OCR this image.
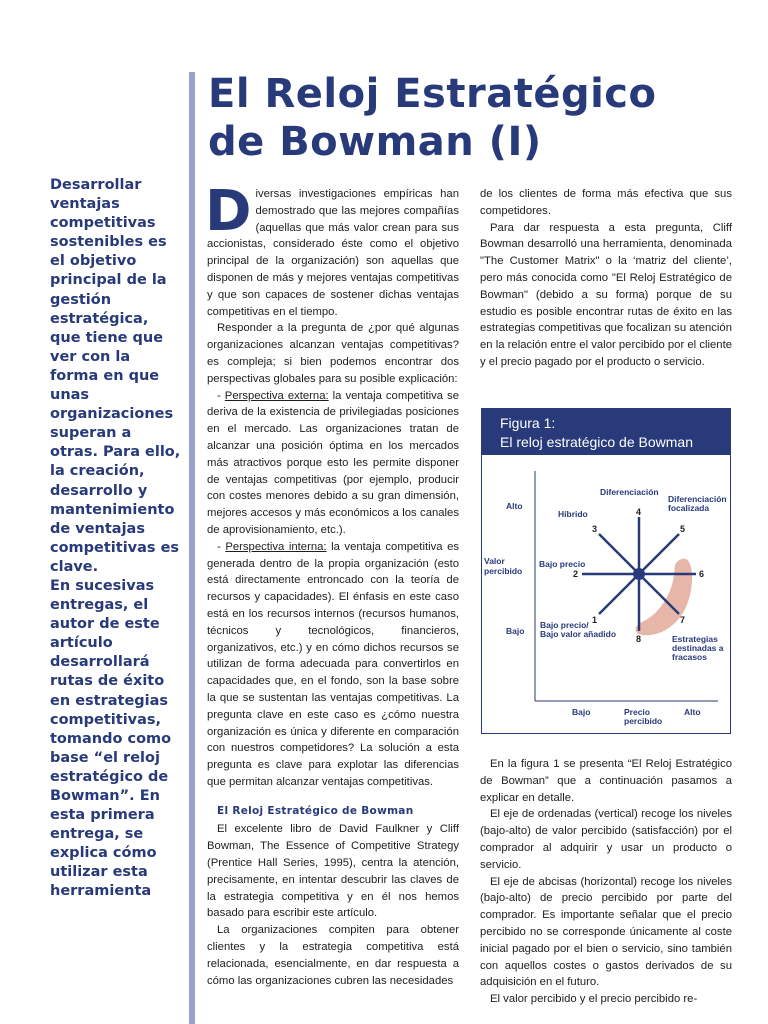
El Reloj Estratégico
de Bowman (I)

Desarrollar ventajas competitivas sostenibles es el objetivo principal de la gestión estratégica, que tiene que ver con la forma en que unas organizaciones superan a otras. Para ello, la creación, desarrollo y mantenimiento de ventajas competitivas es clave.

En sucesivas entregas, el autor de este artículo desarrollará rutas de éxito en estrategias competitivas, tomando como base “el reloj estratégico de Bowman”. En esta primera entrega, se explica cómo utilizar esta herramienta

Diversas investigaciones empíricas han demostrado que las mejores compañías (aquellas que más valor crean para sus accionistas, considerado éste como el objetivo principal de la organización) son aquellas que disponen de más y mejores ventajas competitivas y que son capaces de sostener dichas ventajas competitivas en el tiempo.

Responder a la pregunta de ¿por qué algunas organizaciones alcanzan ventajas competitivas? es compleja; si bien podemos encontrar dos perspectivas globales para su posible explicación:

- Perspectiva externa: la ventaja competitiva se deriva de la existencia de privilegiadas posiciones en el mercado. Las organizaciones tratan de alcanzar una posición óptima en los mercados más atractivos porque esto les permite disponer de ventajas competitivas (por ejemplo, producir con costes menores debido a su gran dimensión, mejores accesos y más económicos a los canales de aprovisionamiento, etc.).

- Perspectiva interna: la ventaja competitiva es generada dentro de la propia organización (esto está directamente entroncado con la teoría de recursos y capacidades). El énfasis en este caso está en los recursos internos (recursos humanos, técnicos y tecnológicos, financieros, organizativos, etc.) y en cómo dichos recursos se utilizan de forma adecuada para convertirlos en capacidades que, en el fondo, son la base sobre la que se sustentan las ventajas competitivas. La pregunta clave en este caso es ¿cómo nuestra organización es única y diferente en comparación con nuestros competidores? La solución a esta pregunta es clave para explotar las diferencias que permitan alcanzar ventajas competitivas.

El Reloj Estratégico de Bowman

El excelente libro de David Faulkner y Cliff Bowman, The Essence of Competitive Strategy (Prentice Hall Series, 1995), centra la atención, precisamente, en intentar descubrir las claves de la estrategia competitiva y en él nos hemos basado para escribir este artículo.

La organizaciones compiten para obtener clientes y la estrategia competitiva está relacionada, esencialmente, en dar respuesta a cómo las organizaciones cubren las necesidades

de los clientes de forma más efectiva que sus competidores.

Para dar respuesta a esta pregunta, Cliff Bowman desarrolló una herramienta, denominada "The Customer Matrix" o la ‘matriz del cliente’, pero más conocida como "El Reloj Estratégico de Bowman" (debido a su forma) porque de su estudio es posible encontrar rutas de éxito en las estrategias competitivas que focalizan su atención en la relación entre el valor percibido por el cliente y el precio pagado por el producto o servicio.

Figura 1:
El reloj estratégico de Bowman
1
2
3
4
5
6
7
8
Diferenciación
Diferenciación
focalizada
Híbrido
Bajo precio
Bajo precio/
Bajo valor añadido	Estrategias
destinadas a
fracasos
Alto
Valor
percibido
Bajo
Bajo	Precio
percibido
Alto

En la figura 1 se presenta “El Reloj Estratégico de Bowman” que a continuación pasamos a explicar en detalle.

El eje de ordenadas (vertical) recoge los niveles (bajo-alto) de valor percibido (satisfacción) por el comprador al adquirir y usar un producto o servicio.

El eje de abcisas (horizontal) recoge los niveles (bajo-alto) de precio percibido por parte del comprador. Es importante señalar que el precio percibido no se corresponde únicamente al coste inicial pagado por el bien o servicio, sino también con aquellos costes o gastos derivados de su adquisición en el futuro.

El valor percibido y el precio percibido re-
